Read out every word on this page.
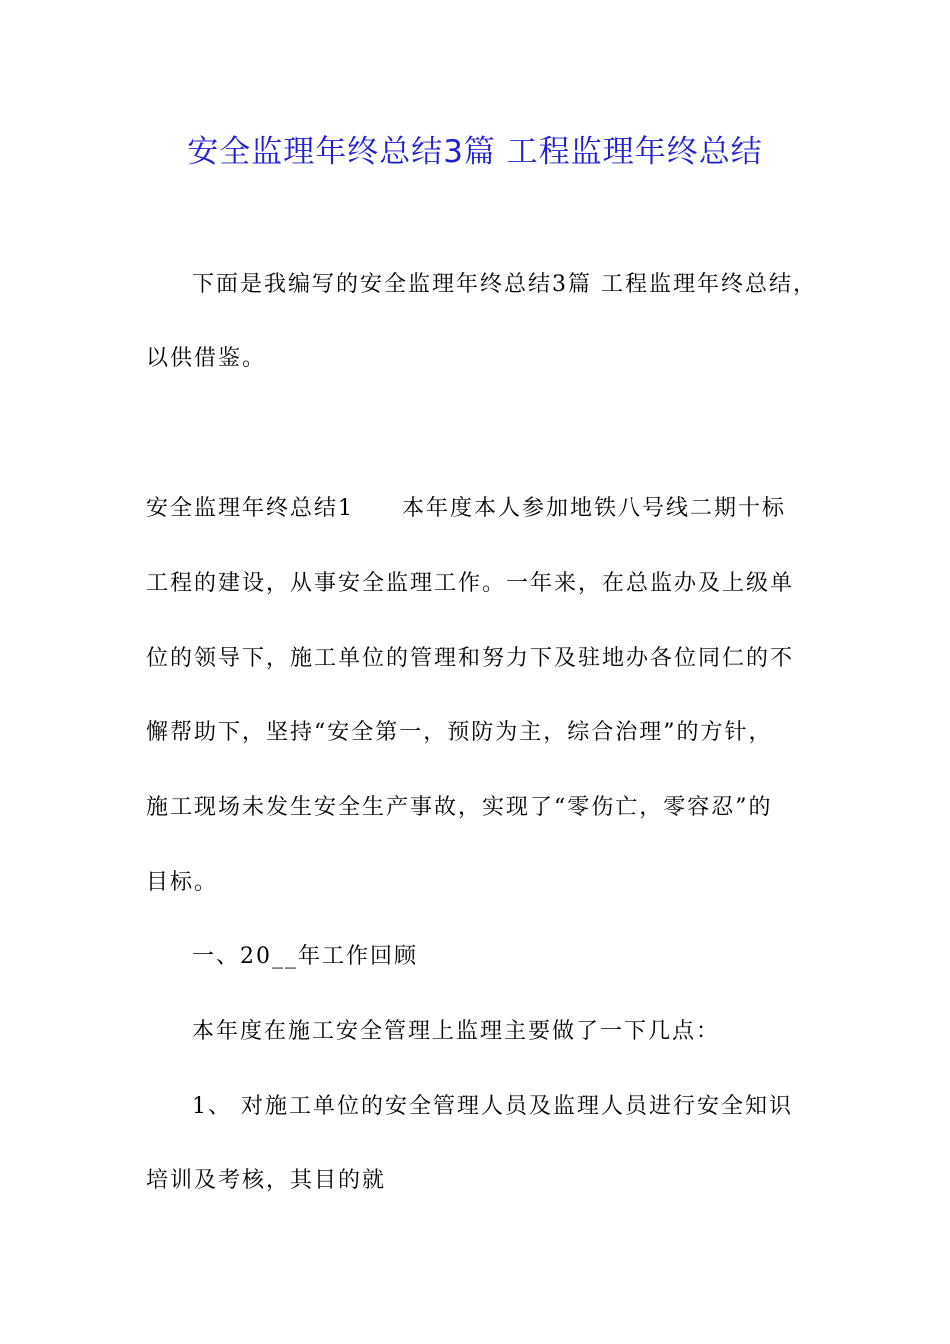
安全监理年终总结3篇 工程监理年终总结
下面是我编写的安全监理年终总结3篇 工程监理年终总结，
以供借鉴。
安全监理年终总结1　　本年度本人参加地铁八号线二期十标
工程的建设，从事安全监理工作。一年来，在总监办及上级单
位的领导下，施工单位的管理和努力下及驻地办各位同仁的不
懈帮助下，坚持“安全第一，预防为主，综合治理”的方针，
施工现场未发生安全生产事故，实现了“零伤亡，零容忍”的
目标。
一、20__年工作回顾
本年度在施工安全管理上监理主要做了一下几点：
1、 对施工单位的安全管理人员及监理人员进行安全知识
培训及考核，其目的就
